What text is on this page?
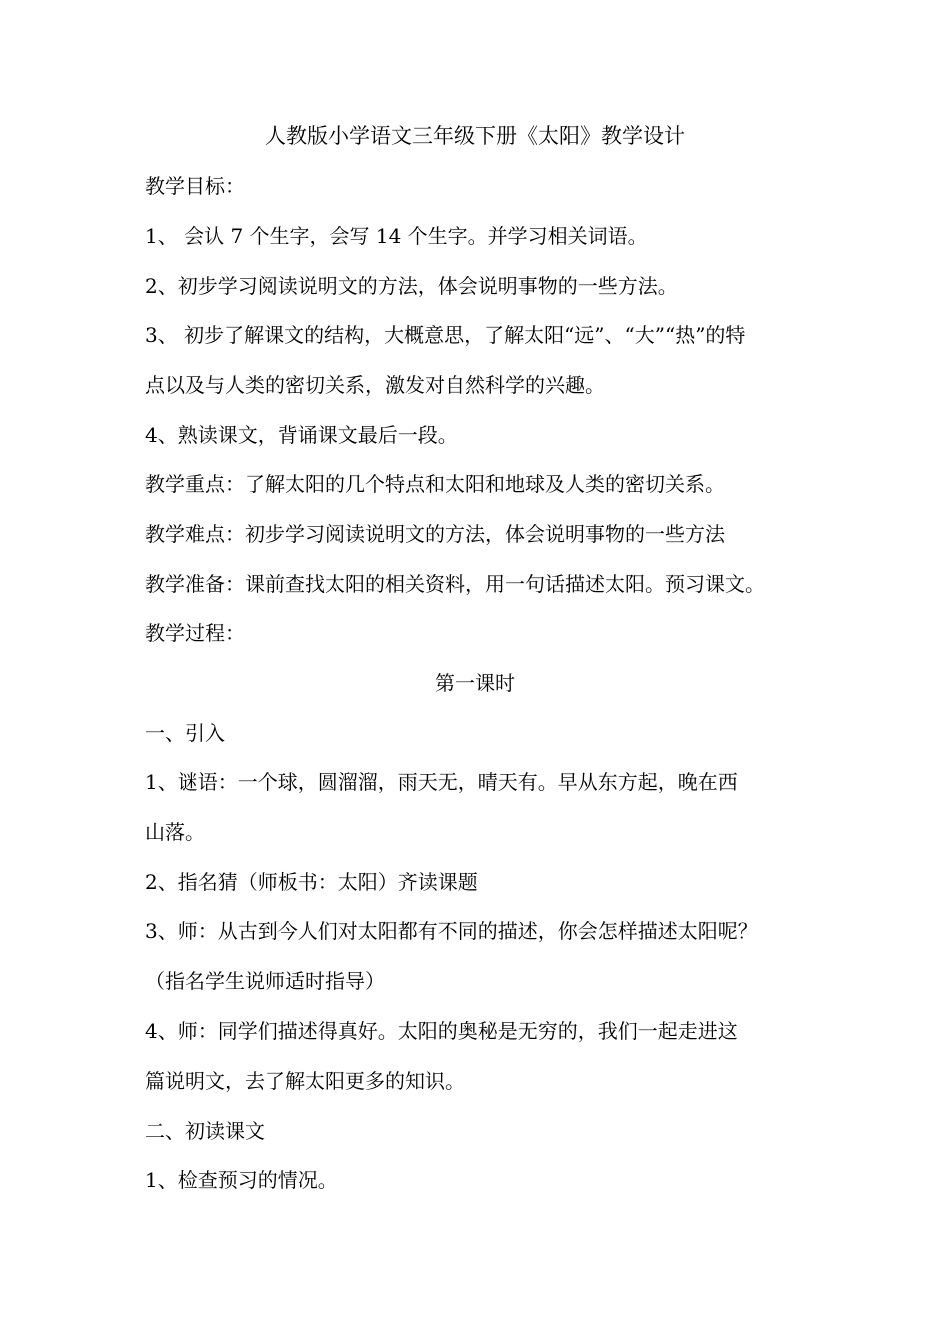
人教版小学语文三年级下册《太阳》教学设计
教学目标：
1、 会认 7 个生字，会写 14 个生字。并学习相关词语。
2、初步学习阅读说明文的方法，体会说明事物的一些方法。
3、 初步了解课文的结构，大概意思，了解太阳“远”、“大”“热”的特
点以及与人类的密切关系，激发对自然科学的兴趣。
4、熟读课文，背诵课文最后一段。
教学重点：了解太阳的几个特点和太阳和地球及人类的密切关系。
教学难点：初步学习阅读说明文的方法，体会说明事物的一些方法
教学准备：课前查找太阳的相关资料，用一句话描述太阳。预习课文。
教学过程：
第一课时
一、引入
1、谜语：一个球，圆溜溜，雨天无，晴天有。早从东方起，晚在西
山落。
2、指名猜（师板书：太阳）齐读课题
3、师：从古到今人们对太阳都有不同的描述，你会怎样描述太阳呢？
（指名学生说师适时指导）
4、师：同学们描述得真好。太阳的奥秘是无穷的，我们一起走进这
篇说明文，去了解太阳更多的知识。
二、初读课文
1、检查预习的情况。
